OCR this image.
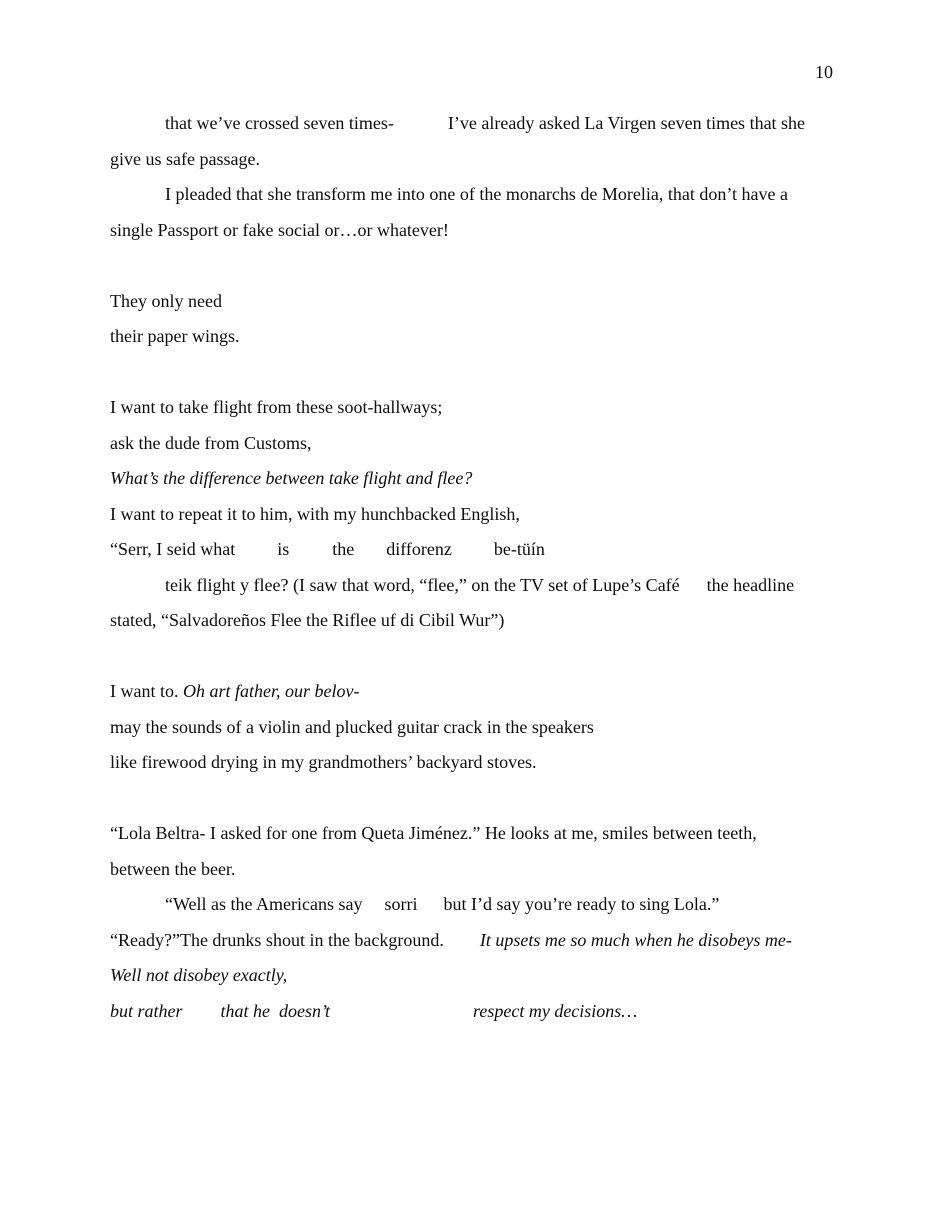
10
that we’ve crossed seven times-	I’ve already asked La Virgen seven times that she
give us safe passage.
I pleaded that she transform me into one of the monarchs de Morelia, that don’t have a
single Passport or fake social or…or whatever!

They only need
their paper wings.

I want to take flight from these soot-hallways;
ask the dude from Customs,
What’s the difference between take flight and flee?
I want to repeat it to him, with my hunchbacked English,
“Serr, I seid what is the difforenz be-tüín
teik flight y flee? (I saw that word, “flee,” on the TV set of Lupe’s Café the headline
stated, “Salvadoreños Flee the Riflee uf di Cibil Wur”)

I want to. Oh art father, our belov-
may the sounds of a violin and plucked guitar crack in the speakers
like firewood drying in my grandmothers’ backyard stoves.

“Lola Beltra- I asked for one from Queta Jiménez.” He looks at me, smiles between teeth,
between the beer.
“Well as the Americans say sorri but I’d say you’re ready to sing Lola.”
“Ready?”The drunks shout in the background. It upsets me so much when he disobeys me-
Well not disobey exactly,
but rather that he  doesn’t	respect my decisions…
